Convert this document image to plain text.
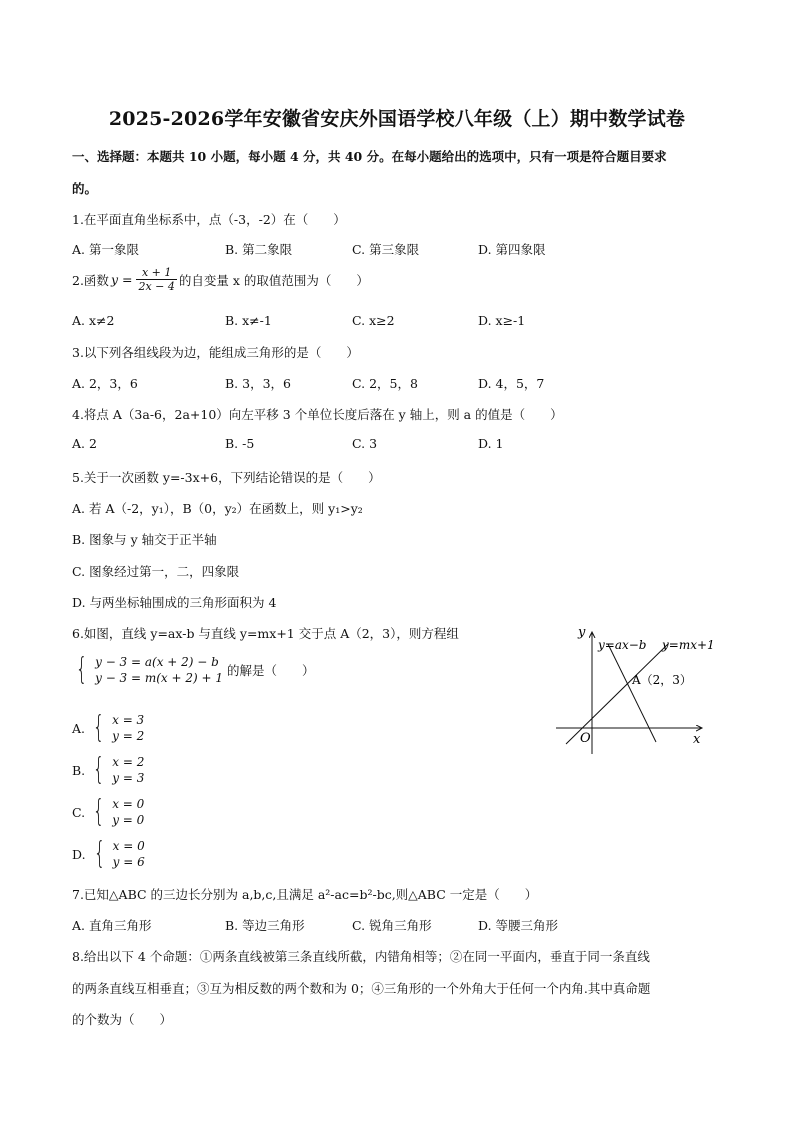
2025-2026学年安徽省安庆外国语学校八年级（上）期中数学试卷
一、选择题：本题共 10 小题，每小题 4 分，共 40 分。在每小题给出的选项中，只有一项是符合题目要求
的。
1.在平面直角坐标系中，点（-3，-2）在（　　）
A. 第一象限	B. 第二象限	C. 第三象限	D. 第四象限
2.函数 $y = \frac{x + 1}{2x - 4}$ 的自变量 x 的取值范围为（　　）
A. x≠2	B. x≠-1	C. x≥2	D. x≥-1
3.以下列各组线段为边，能组成三角形的是（　　）
A. 2，3，6	B. 3，3，6	C. 2，5，8	D. 4，5，7
4.将点 A（3a-6，2a+10）向左平移 3 个单位长度后落在 y 轴上，则 a 的值是（　　）
A. 2	B. -5	C. 3	D. 1
5.关于一次函数 y=-3x+6，下列结论错误的是（　　）
A. 若 A（-2，y₁），B（0，y₂）在函数上，则 y₁>y₂
B. 图象与 y 轴交于正半轴
C. 图象经过第一，二，四象限
D. 与两坐标轴围成的三角形面积为 4
6.如图，直线 y=ax-b 与直线 y=mx+1 交于点 A（2，3），则方程组
{ y − 3 = a(x + 2) − b
y − 3 = m(x + 2) + 1 的解是（　　）
A. { x = 3
y = 2
B. { x = 2
y = 3
C. { x = 0
y = 0
D. { x = 0
y = 6
y
x
O
y=ax−b y=mx+1
A（2，3）
7.已知△ABC 的三边长分别为 a,b,c,且满足 a²-ac=b²-bc,则△ABC 一定是（　　）
A. 直角三角形	B. 等边三角形	C. 锐角三角形	D. 等腰三角形
8.给出以下 4 个命题：①两条直线被第三条直线所截，内错角相等；②在同一平面内，垂直于同一条直线
的两条直线互相垂直；③互为相反数的两个数和为 0；④三角形的一个外角大于任何一个内角.其中真命题
的个数为（　　）
